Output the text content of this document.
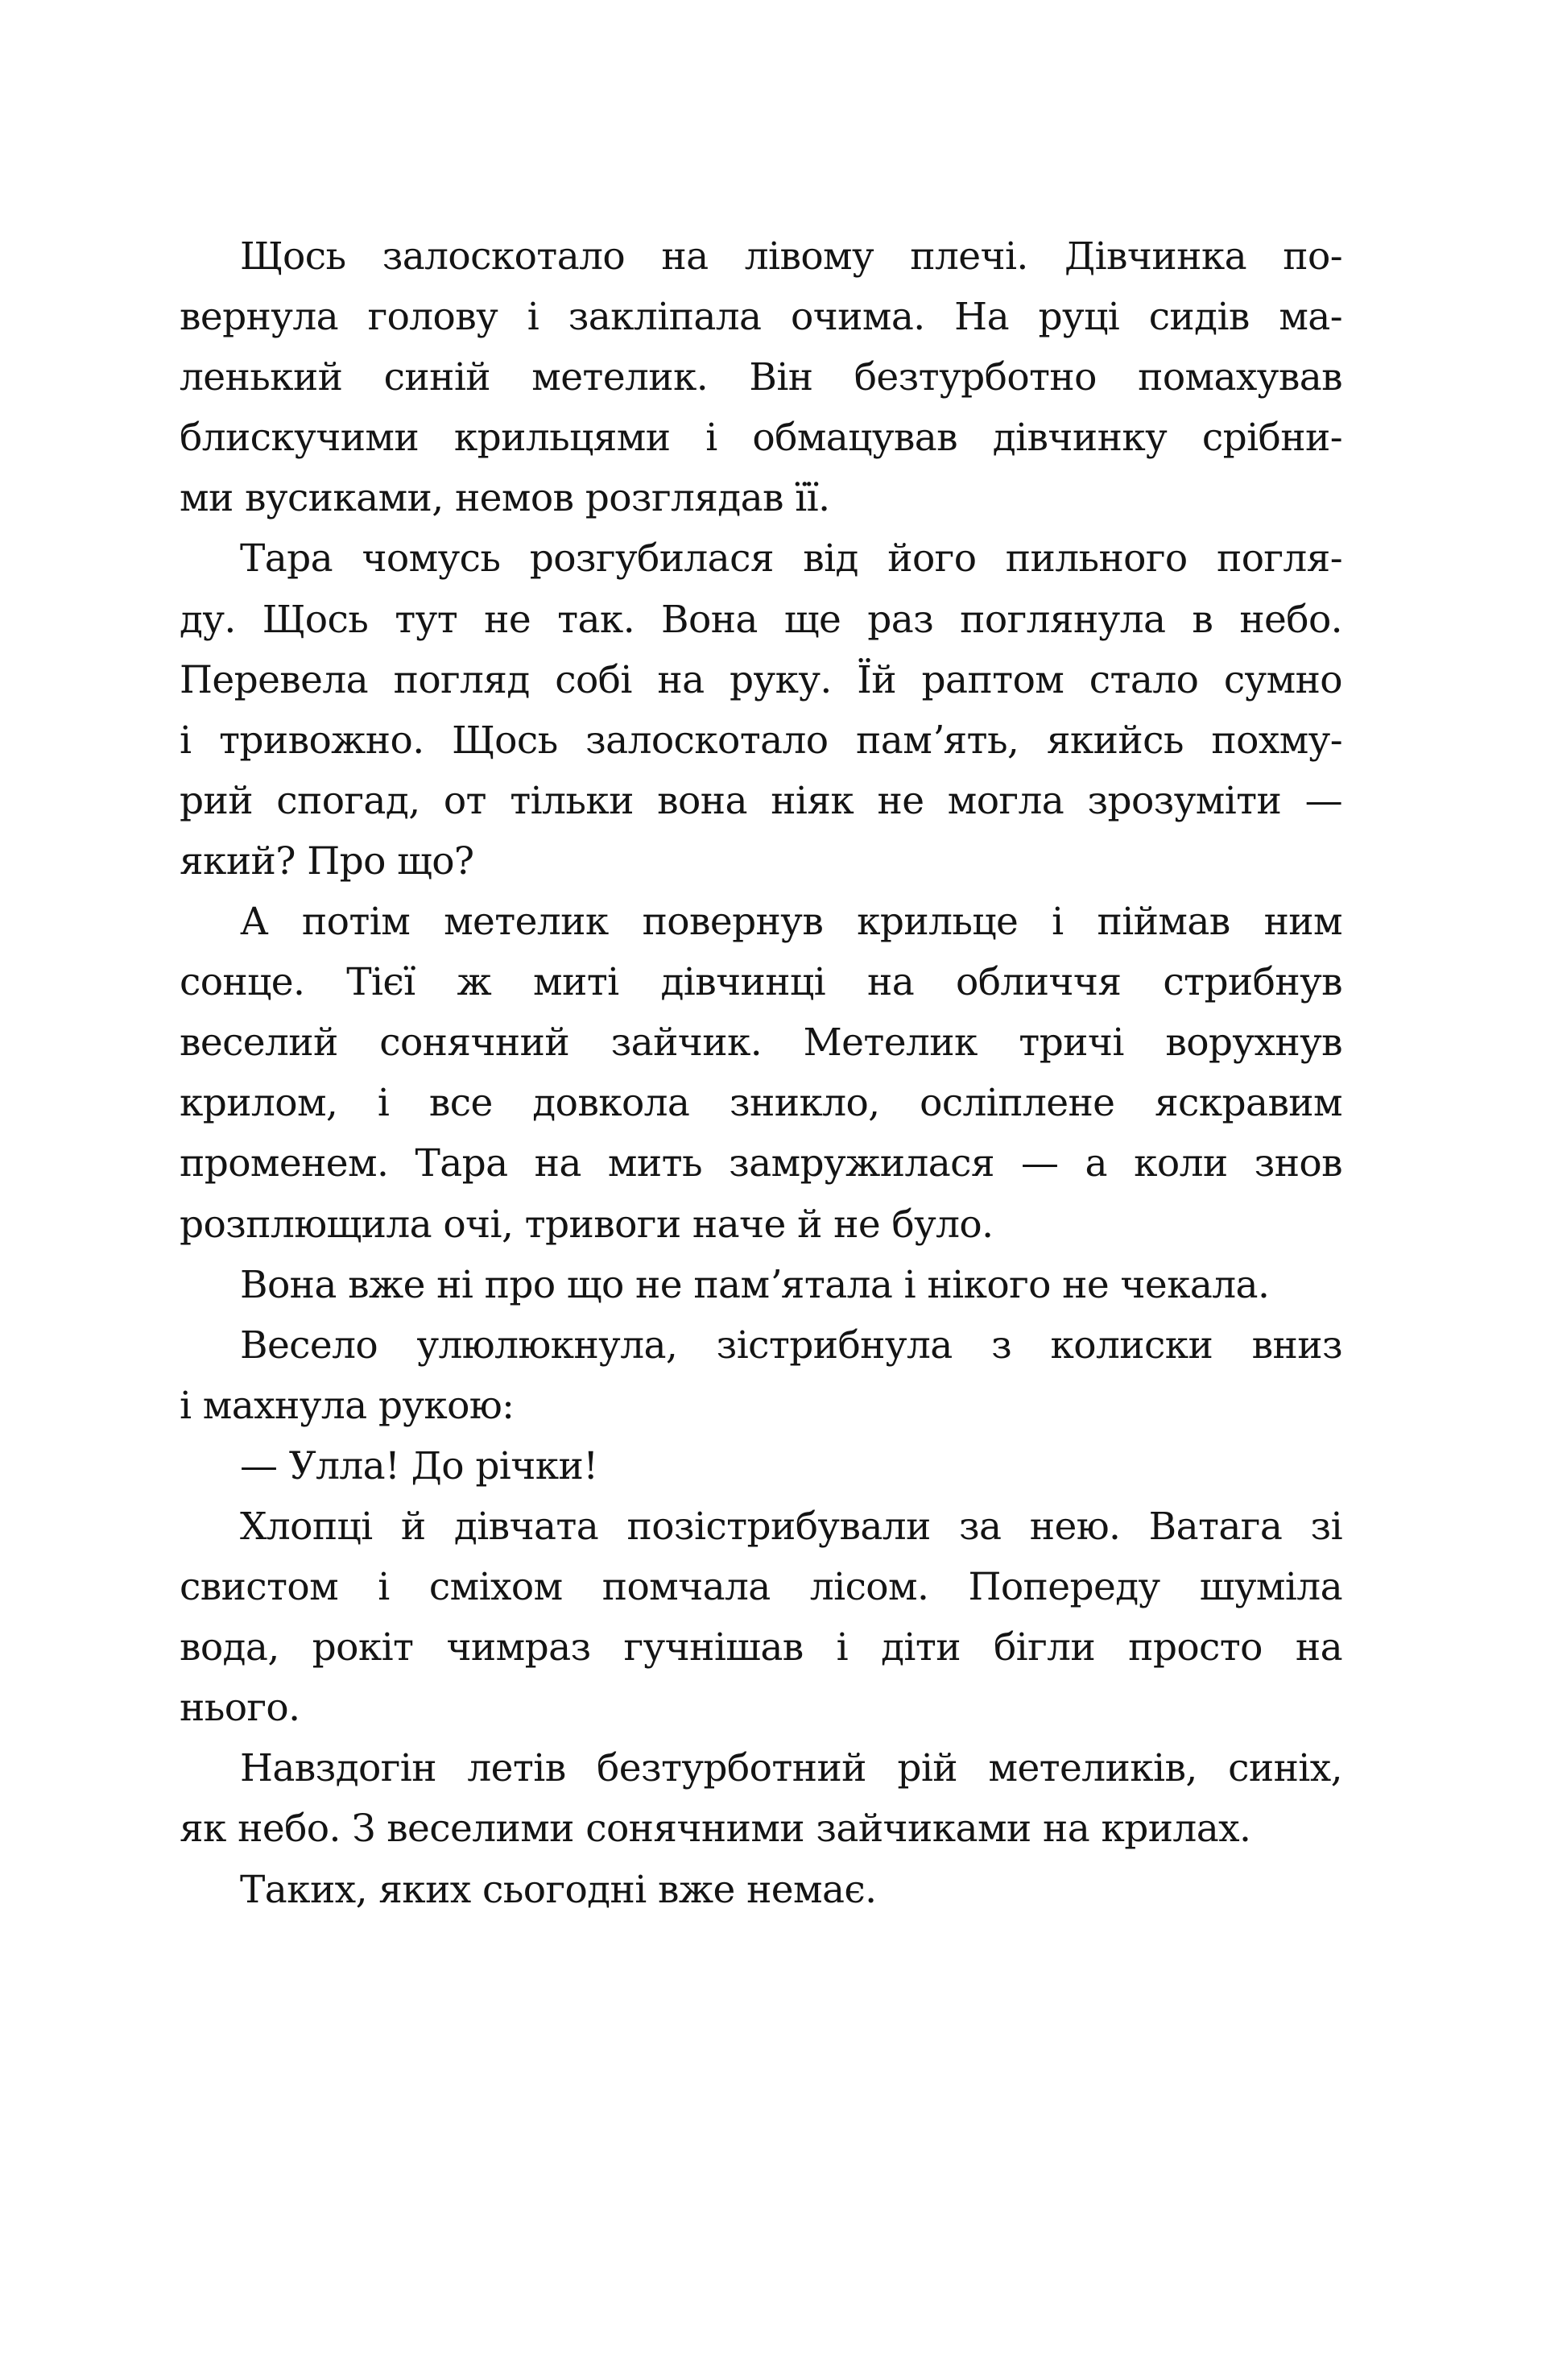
Щось залоскотало на лівому плечі. Дівчинка по-
вернула голову і закліпала очима. На руці сидів ма-
ленький синій метелик. Він безтурботно помахував
блискучими крильцями і обмацував дівчинку срібни-
ми вусиками, немов розглядав її.
Тара чомусь розгубилася від його пильного погля-
ду. Щось тут не так. Вона ще раз поглянула в небо.
Перевела погляд собі на руку. Їй раптом стало сумно
і тривожно. Щось залоскотало памʼять, якийсь похму-
рий спогад, от тільки вона ніяк не могла зрозуміти —
який? Про що?
А потім метелик повернув крильце і піймав ним
сонце. Тієї ж миті дівчинці на обличчя стрибнув
веселий сонячний зайчик. Метелик тричі ворухнув
крилом, і все довкола зникло, осліплене яскравим
променем. Тара на мить замружилася — а коли знов
розплющила очі, тривоги наче й не було.
Вона вже ні про що не памʼятала і нікого не чекала.
Весело улюлюкнула, зістрибнула з колиски вниз
і махнула рукою:
— Улла! До річки!
Хлопці й дівчата позістрибували за нею. Ватага зі
свистом і сміхом помчала лісом. Попереду шуміла
вода, рокіт чимраз гучнішав і діти бігли просто на
нього.
Навздогін летів безтурботний рій метеликів, синіх,
як небо. З веселими сонячними зайчиками на крилах.
Таких, яких сьогодні вже немає.
